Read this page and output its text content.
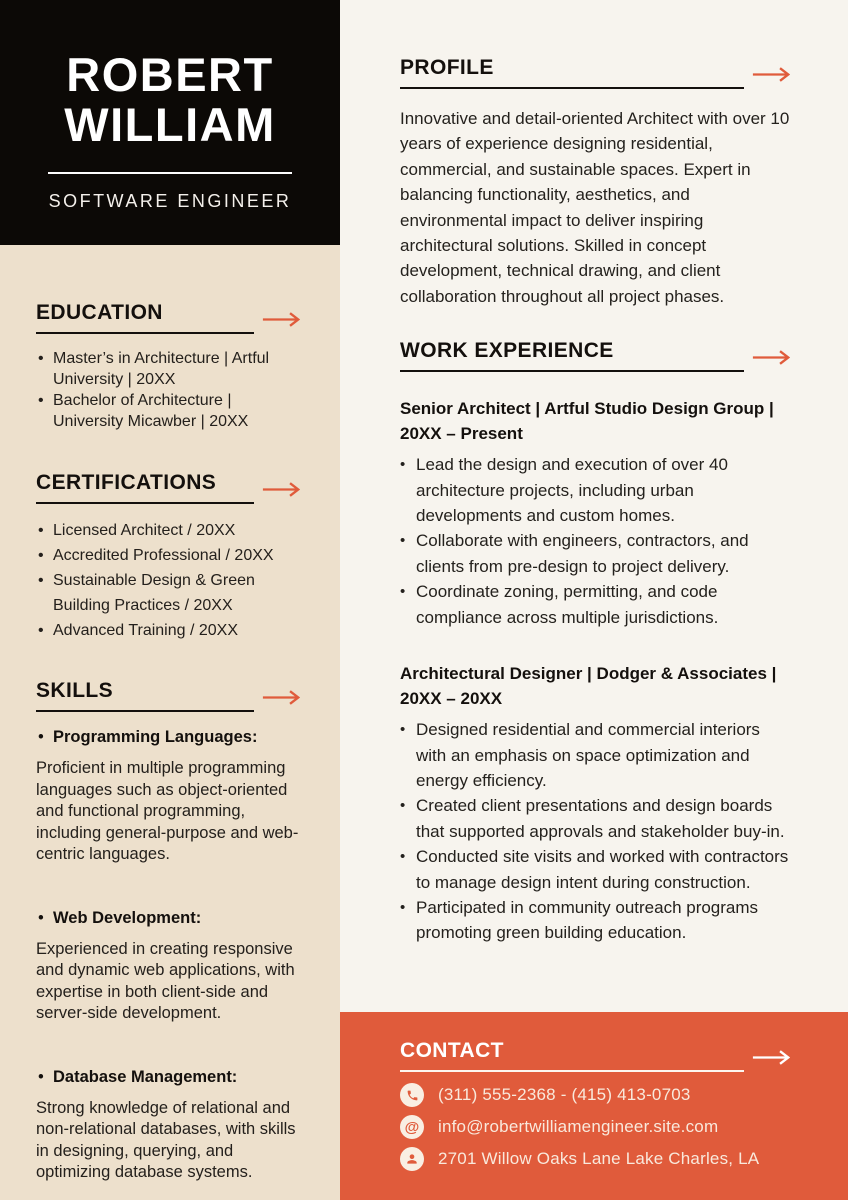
ROBERT
WILLIAM

SOFTWARE ENGINEER

EDUCATION
• Master’s in Architecture | Artful University | 20XX
• Bachelor of Architecture | University Micawber | 20XX
CERTIFICATIONS
• Licensed Architect / 20XX
• Accredited Professional / 20XX
• Sustainable Design & Green Building Practices / 20XX
• Advanced Training / 20XX
SKILLS

• Programming Languages:

Proficient in multiple programming languages such as object-oriented and functional programming, including general-purpose and web-centric languages.

• Web Development:

Experienced in creating responsive and dynamic web applications, with expertise in both client-side and server-side development.

• Database Management:

Strong knowledge of relational and non-relational databases, with skills in designing, querying, and optimizing database systems.

PROFILE

Innovative and detail-oriented Architect with over 10 years of experience designing residential, commercial, and sustainable spaces. Expert in balancing functionality, aesthetics, and environmental impact to deliver inspiring architectural solutions. Skilled in concept development, technical drawing, and client collaboration throughout all project phases.

WORK EXPERIENCE
Senior Architect | Artful Studio Design Group | 20XX – Present
• Lead the design and execution of over 40 architecture projects, including urban developments and custom homes.
• Collaborate with engineers, contractors, and clients from pre-design to project delivery.
• Coordinate zoning, permitting, and code compliance across multiple jurisdictions.
Architectural Designer | Dodger & Associates | 20XX – 20XX
• Designed residential and commercial interiors with an emphasis on space optimization and energy efficiency.
• Created client presentations and design boards that supported approvals and stakeholder buy-in.
• Conducted site visits and worked with contractors to manage design intent during construction.
• Participated in community outreach programs promoting green building education.
CONTACT
(311) 555-2368 - (415) 413-0703
@ info@robertwilliamengineer.site.com
2701 Willow Oaks Lane Lake Charles, LA
